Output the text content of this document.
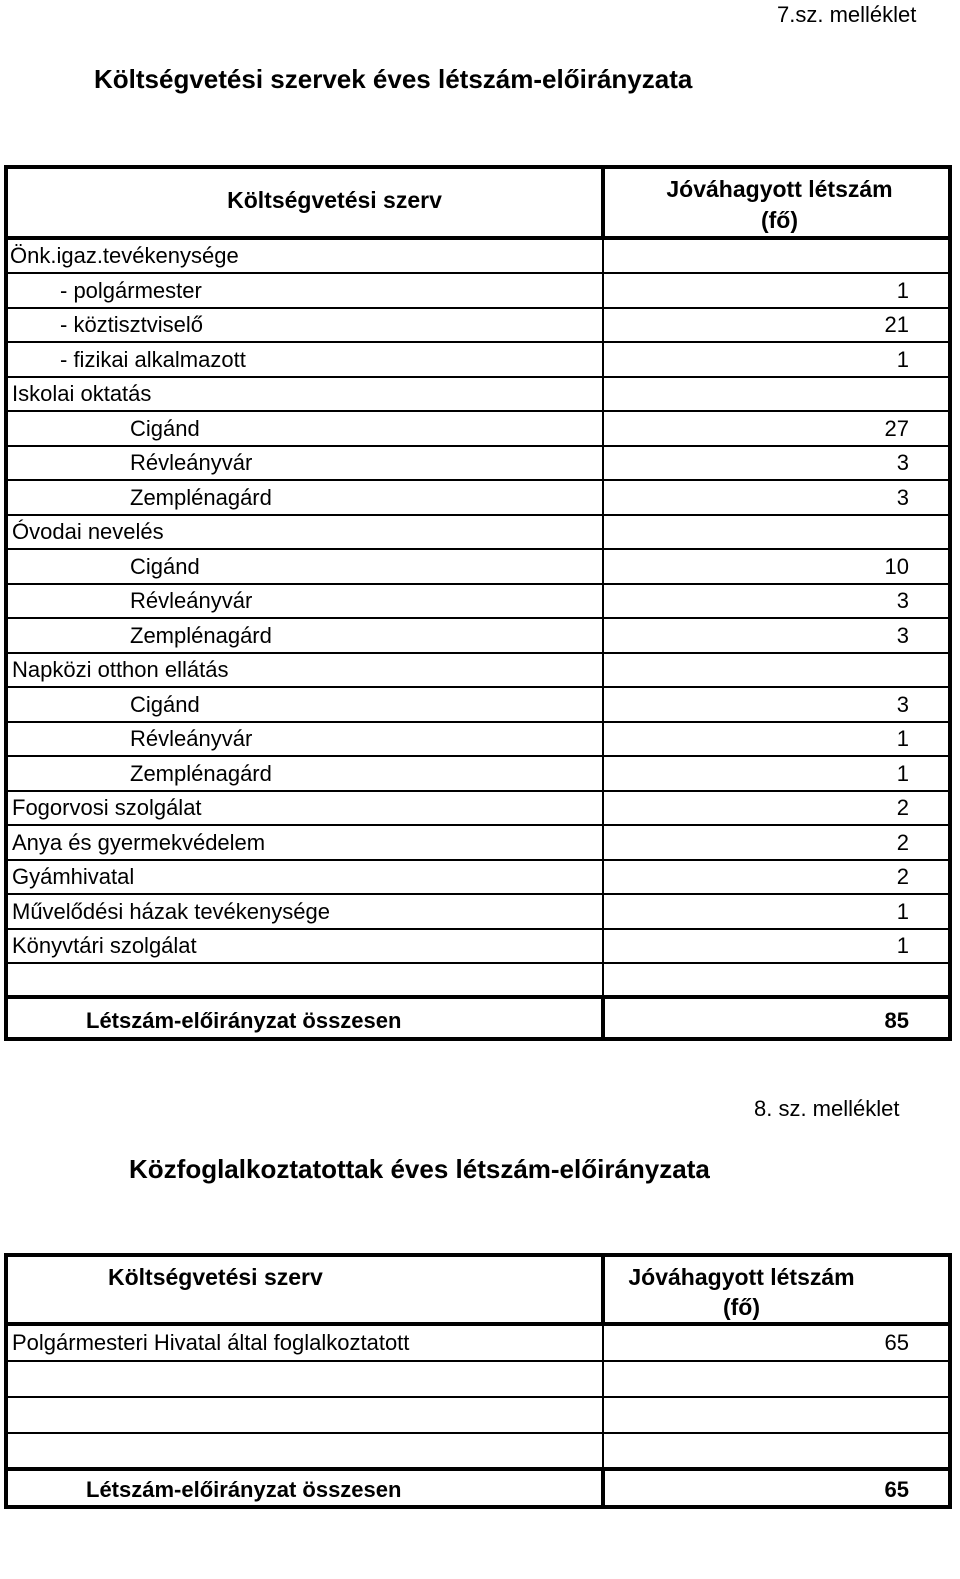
7.sz. melléklet
Költségvetési szervek éves létszám-előirányzata
Költségvetési szerv	Jóváhagyott létszám
(fő)

Önk.igaz.tevékenysége	
- polgármester	1
- köztisztviselő	21
- fizikai alkalmazott	1
Iskolai oktatás	
Cigánd	27
Révleányvár	3
Zemplénagárd	3
Óvodai nevelés	
Cigánd	10
Révleányvár	3
Zemplénagárd	3
Napközi otthon ellátás	
Cigánd	3
Révleányvár	1
Zemplénagárd	1
Fogorvosi szolgálat	2
Anya és gyermekvédelem	2
Gyámhivatal	2
Művelődési házak tevékenysége	1
Könyvtári szolgálat	1

Létszám-előirányzat összesen	85
8. sz. melléklet
Közfoglalkoztatottak éves létszám-előirányzata
Költségvetési szerv	Jóváhagyott létszám
(fő)

Polgármesteri Hivatal által foglalkoztatott	65

Létszám-előirányzat összesen	65
